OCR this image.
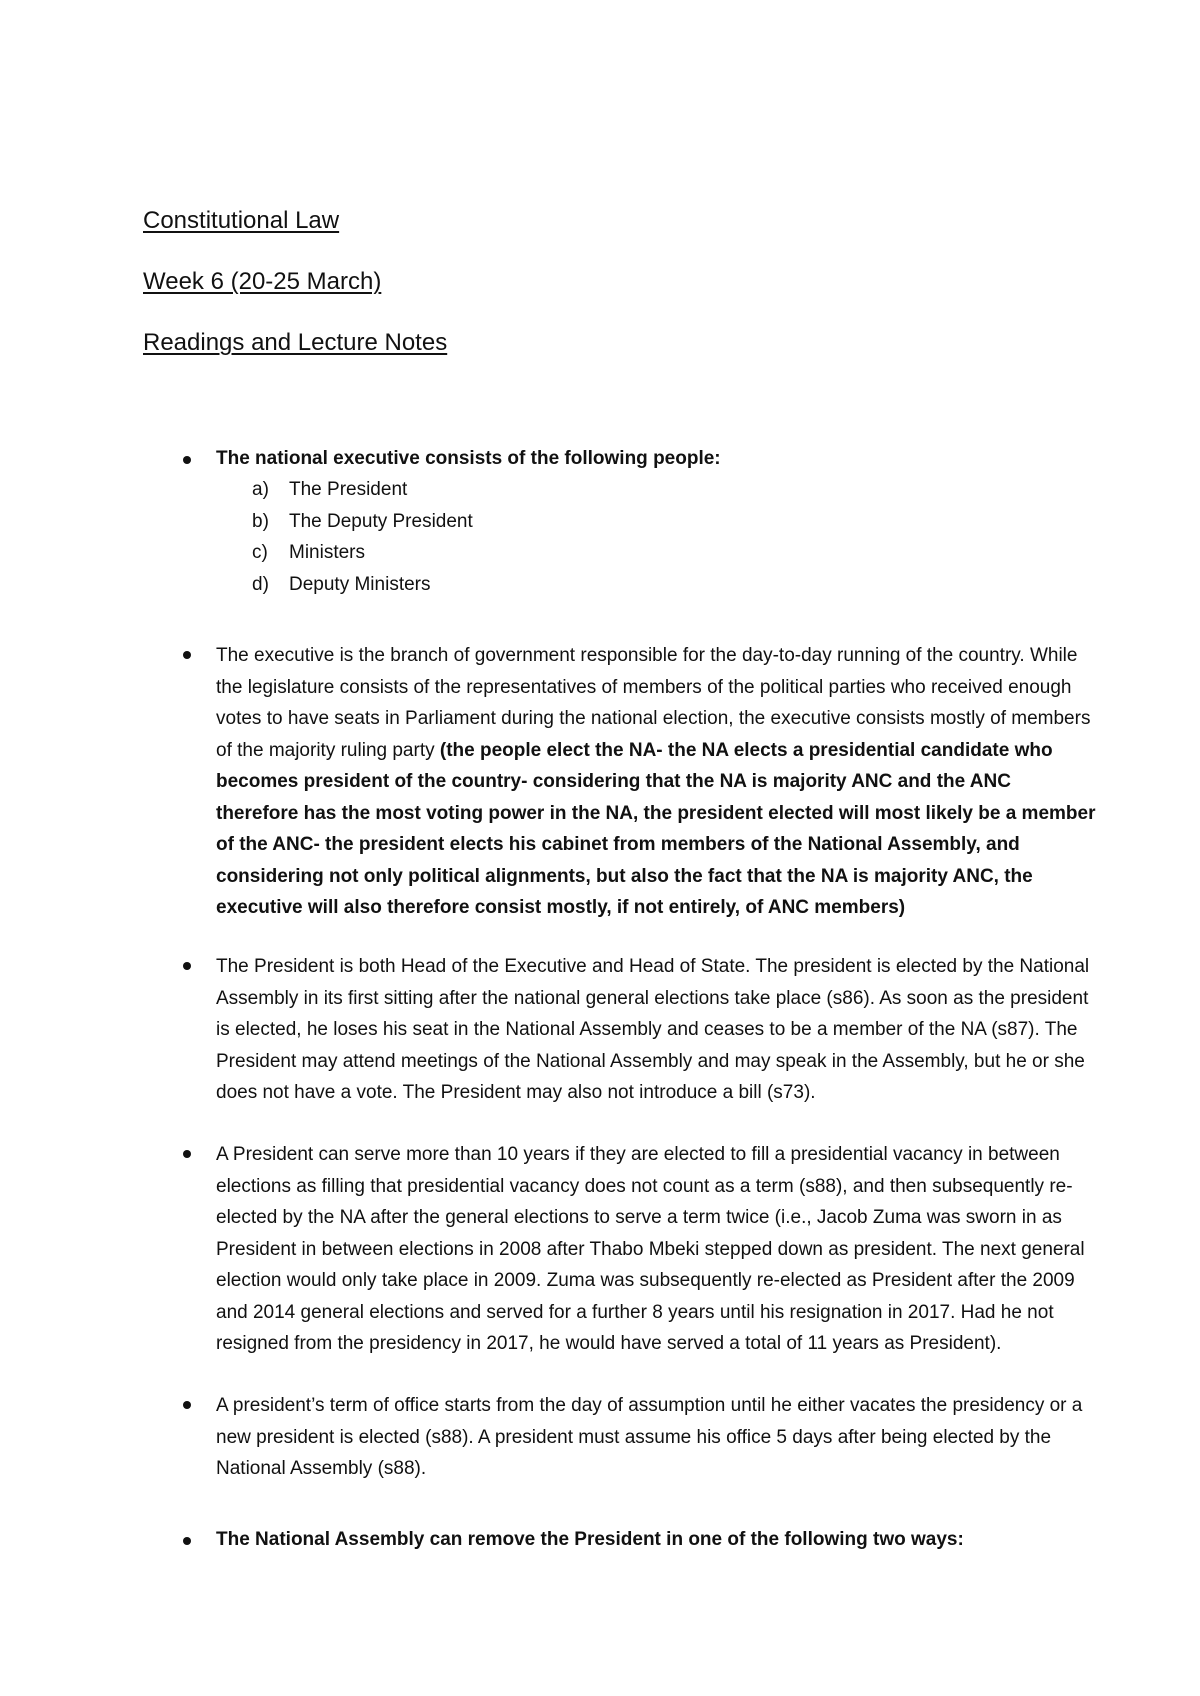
Constitutional Law
Week 6 (20-25 March)
Readings and Lecture Notes
The national executive consists of the following people:
a) The President
b) The Deputy President
c) Ministers
d) Deputy Ministers
The executive is the branch of government responsible for the day-to-day running of the country. While the legislature consists of the representatives of members of the political parties who received enough votes to have seats in Parliament during the national election, the executive consists mostly of members of the majority ruling party (the people elect the NA- the NA elects a presidential candidate who becomes president of the country- considering that the NA is majority ANC and the ANC therefore has the most voting power in the NA, the president elected will most likely be a member of the ANC- the president elects his cabinet from members of the National Assembly, and considering not only political alignments, but also the fact that the NA is majority ANC, the executive will also therefore consist mostly, if not entirely, of ANC members)
The President is both Head of the Executive and Head of State. The president is elected by the National Assembly in its first sitting after the national general elections take place (s86). As soon as the president is elected, he loses his seat in the National Assembly and ceases to be a member of the NA (s87). The President may attend meetings of the National Assembly and may speak in the Assembly, but he or she does not have a vote. The President may also not introduce a bill (s73).
A President can serve more than 10 years if they are elected to fill a presidential vacancy in between elections as filling that presidential vacancy does not count as a term (s88), and then subsequently re-elected by the NA after the general elections to serve a term twice (i.e., Jacob Zuma was sworn in as President in between elections in 2008 after Thabo Mbeki stepped down as president. The next general election would only take place in 2009. Zuma was subsequently re-elected as President after the 2009 and 2014 general elections and served for a further 8 years until his resignation in 2017. Had he not resigned from the presidency in 2017, he would have served a total of 11 years as President).
A president’s term of office starts from the day of assumption until he either vacates the presidency or a new president is elected (s88). A president must assume his office 5 days after being elected by the National Assembly (s88).
The National Assembly can remove the President in one of the following two ways:
